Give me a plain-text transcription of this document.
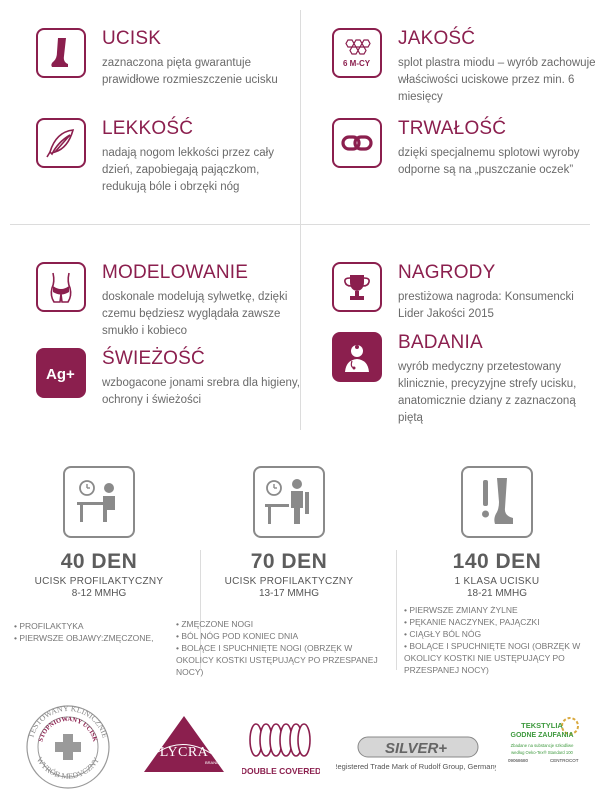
UCISK
zaznaczona pięta gwarantuje prawidłowe rozmieszczenie ucisku
6 M-CY
JAKOŚĆ
splot plastra miodu – wyrób zachowuje właściwości uciskowe przez min. 6 miesięcy
LEKKOŚĆ
nadają nogom lekkości przez cały dzień, zapobiegają pajączkom, redukują bóle i obrzęki nóg
TRWAŁOŚĆ
dzięki specjalnemu splotowi wyroby odporne są na „puszczanie oczek”
MODELOWANIE
doskonale modelują sylwetkę, dzięki czemu będziesz wyglądała zawsze smukło i kobieco
NAGRODY
prestiżowa nagroda: Konsumencki Lider Jakości 2015
Ag+
ŚWIEŻOŚĆ
wzbogacone jonami srebra dla higieny, ochrony i świeżości
BADANIA
wyrób medyczny przetestowany klinicznie, precyzyjne strefy ucisku, anatomicznie dziany z zaznaczoną piętą
40 DEN
UCISK PROFILAKTYCZNY
8-12 MMHG
• PROFILAKTYKA
• PIERWSZE OBJAWY:ZMĘCZONE,
70 DEN
UCISK PROFILAKTYCZNY
13-17 MMHG
• ZMĘCZONE NOGI
• BÓL NÓG POD KONIEC DNIA
• BOLĄCE I SPUCHNIĘTE NOGI (OBRZĘK W OKOLICY KOSTKI USTĘPUJĄCY PO PRZESPANEJ NOCY)
140 DEN
1 KLASA UCISKU
18-21 MMHG
• PIERWSZE ZMIANY ŻYLNE
• PĘKANIE NACZYNEK, PAJĄCZKI
• CIĄGŁY BÓL NÓG
• BOLĄCE I SPUCHNIĘTE NOGI (OBRZĘK W OKOLICY KOSTKI NIE USTĘPUJĄCY PO PRZESPANEJ NOCY)
TESTOWANY KLINICZNIE
STOPNIOWANY UCISK
WYRÓB MEDYCZNY
LYCRA
BRAND
DOUBLE COVERED
SILVER+
Registered Trade Mark of Rudolf Group, Germany.
TEKSTYLIA
GODNE ZAUFANIA
Zbadane na substancje szkodliwe
według Oeko-Tex® Standard 100
09068680	CENTROCOT
